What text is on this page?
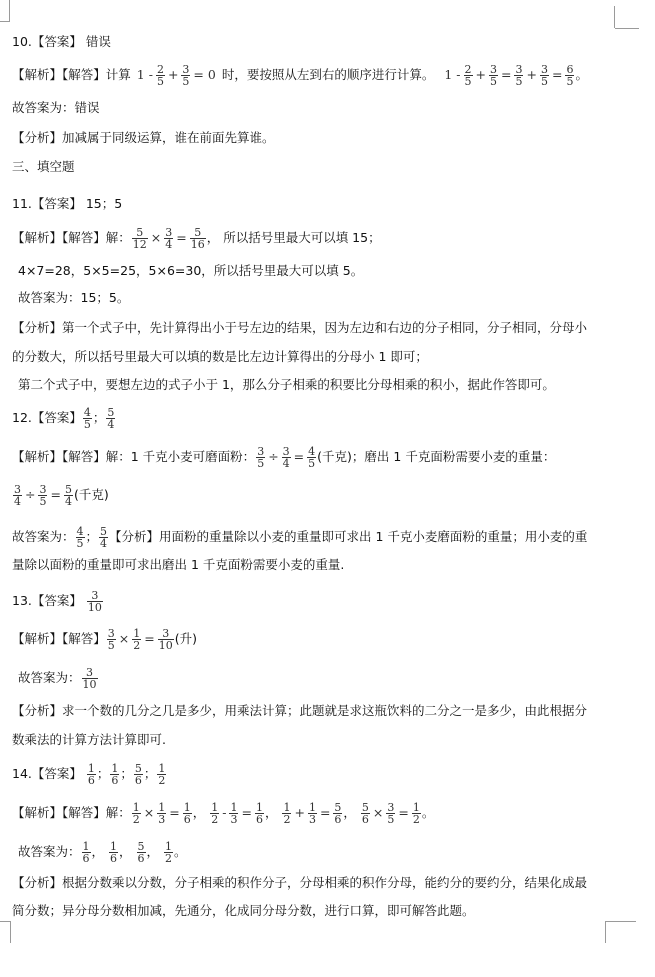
10.【答案】 错误
【解析】【解答】计算 $1 - \frac{2}{5} + \frac{3}{5} = 0$ 时，要按照从左到右的顺序进行计算。 $1 - \frac{2}{5} + \frac{3}{5} = \frac{3}{5} + \frac{3}{5} = \frac{6}{5}$ 。
故答案为：错误
【分析】加减属于同级运算，谁在前面先算谁。
三、填空题
11.【答案】 15；5
【解析】【解答】解： $\frac{5}{12} \times \frac{3}{4} = \frac{5}{16}$ ， 所以括号里最大可以填 15；
4×7=28，5×5=25，5×6=30，所以括号里最大可以填 5。
故答案为：15；5。
【分析】第一个式子中，先计算得出小于号左边的结果，因为左边和右边的分子相同，分子相同，分母小
的分数大，所以括号里最大可以填的数是比左边计算得出的分母小 1 即可；
第二个式子中，要想左边的式子小于 1，那么分子相乘的积要比分母相乘的积小，据此作答即可。
12.【答案】 $\frac{4}{5}$ ； $\frac{5}{4}$
【解析】【解答】解：1 千克小麦可磨面粉： $\frac{3}{5} \div \frac{3}{4} = \frac{4}{5}$ (千克)；磨出 1 千克面粉需要小麦的重量：
$\frac{3}{4} \div \frac{3}{5} = \frac{5}{4}$ (千克)
故答案为： $\frac{4}{5}$ ； $\frac{5}{4}$ 【分析】用面粉的重量除以小麦的重量即可求出 1 千克小麦磨面粉的重量；用小麦的重
量除以面粉的重量即可求出磨出 1 千克面粉需要小麦的重量.
13.【答案】 $\frac{3}{10}$
【解析】【解答】 $\frac{3}{5} \times \frac{1}{2} = \frac{3}{10}$ (升)
故答案为： $\frac{3}{10}$
【分析】求一个数的几分之几是多少，用乘法计算；此题就是求这瓶饮料的二分之一是多少，由此根据分
数乘法的计算方法计算即可.
14.【答案】 $\frac{1}{6}$ ； $\frac{1}{6}$ ； $\frac{5}{6}$ ； $\frac{1}{2}$
【解析】【解答】解： $\frac{1}{2} \times \frac{1}{3} = \frac{1}{6}$ ， $\frac{1}{2} - \frac{1}{3} = \frac{1}{6}$ ， $\frac{1}{2} + \frac{1}{3} = \frac{5}{6}$ ， $\frac{5}{6} \times \frac{3}{5} = \frac{1}{2}$ 。
故答案为： $\frac{1}{6}$ ， $\frac{1}{6}$ ， $\frac{5}{6}$ ， $\frac{1}{2}$ 。
【分析】根据分数乘以分数，分子相乘的积作分子，分母相乘的积作分母，能约分的要约分，结果化成最
简分数；异分母分数相加减，先通分，化成同分母分数，进行口算，即可解答此题。
